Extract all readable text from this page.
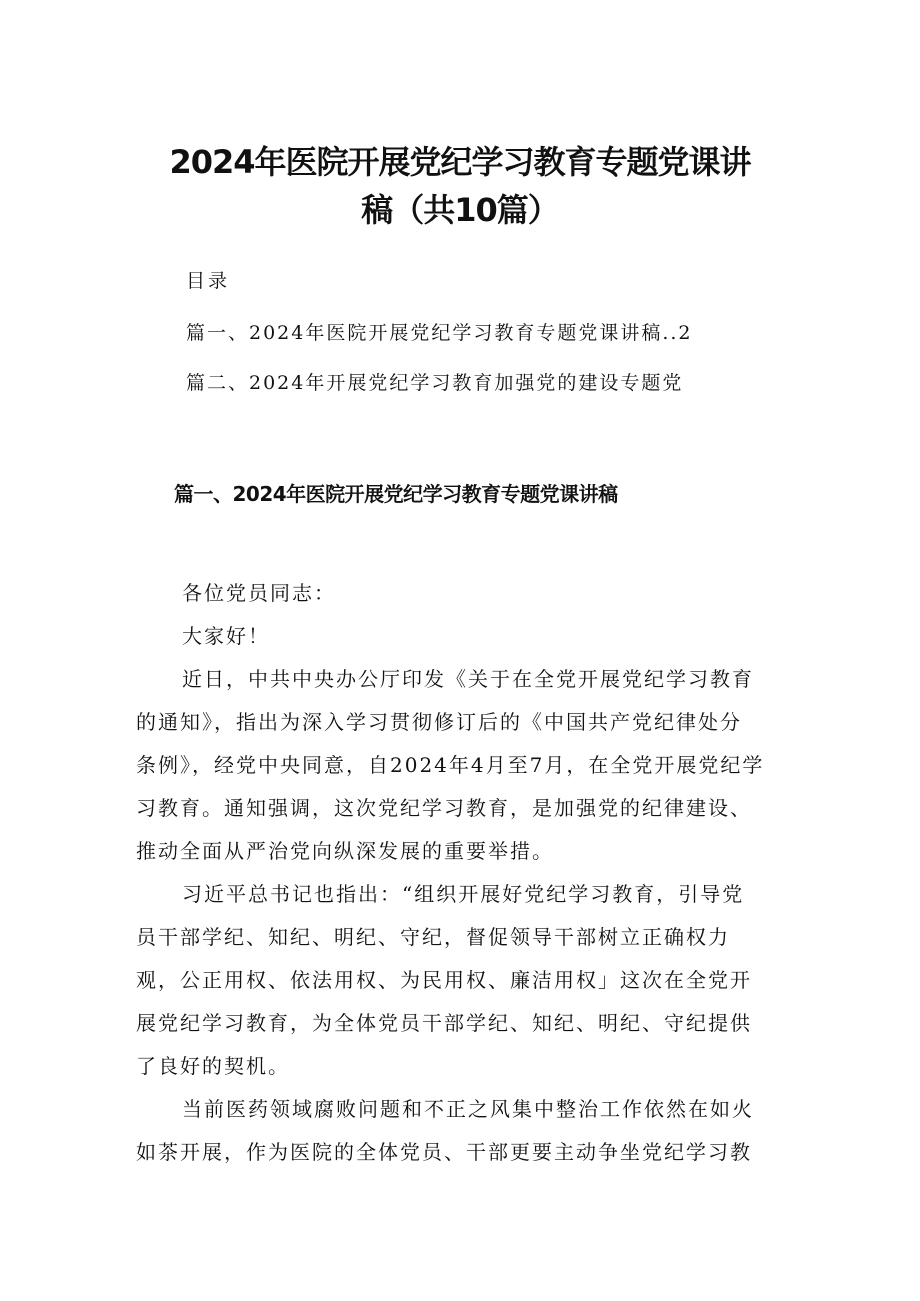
2024年医院开展党纪学习教育专题党课讲
稿（共10篇）
目录
篇一、2024年医院开展党纪学习教育专题党课讲稿..2
篇二、2024年开展党纪学习教育加强党的建设专题党
篇一、2024年医院开展党纪学习教育专题党课讲稿
各位党员同志：
大家好！
近日，中共中央办公厅印发《关于在全党开展党纪学习教育
的通知》，指出为深入学习贯彻修订后的《中国共产党纪律处分
条例》，经党中央同意，自2024年4月至7月，在全党开展党纪学
习教育。通知强调，这次党纪学习教育，是加强党的纪律建设、
推动全面从严治党向纵深发展的重要举措。
习近平总书记也指出：“组织开展好党纪学习教育，引导党
员干部学纪、知纪、明纪、守纪，督促领导干部树立正确权力
观，公正用权、依法用权、为民用权、廉洁用权」这次在全党开
展党纪学习教育，为全体党员干部学纪、知纪、明纪、守纪提供
了良好的契机。
当前医药领域腐败问题和不正之风集中整治工作依然在如火
如茶开展，作为医院的全体党员、干部更要主动争坐党纪学习教
